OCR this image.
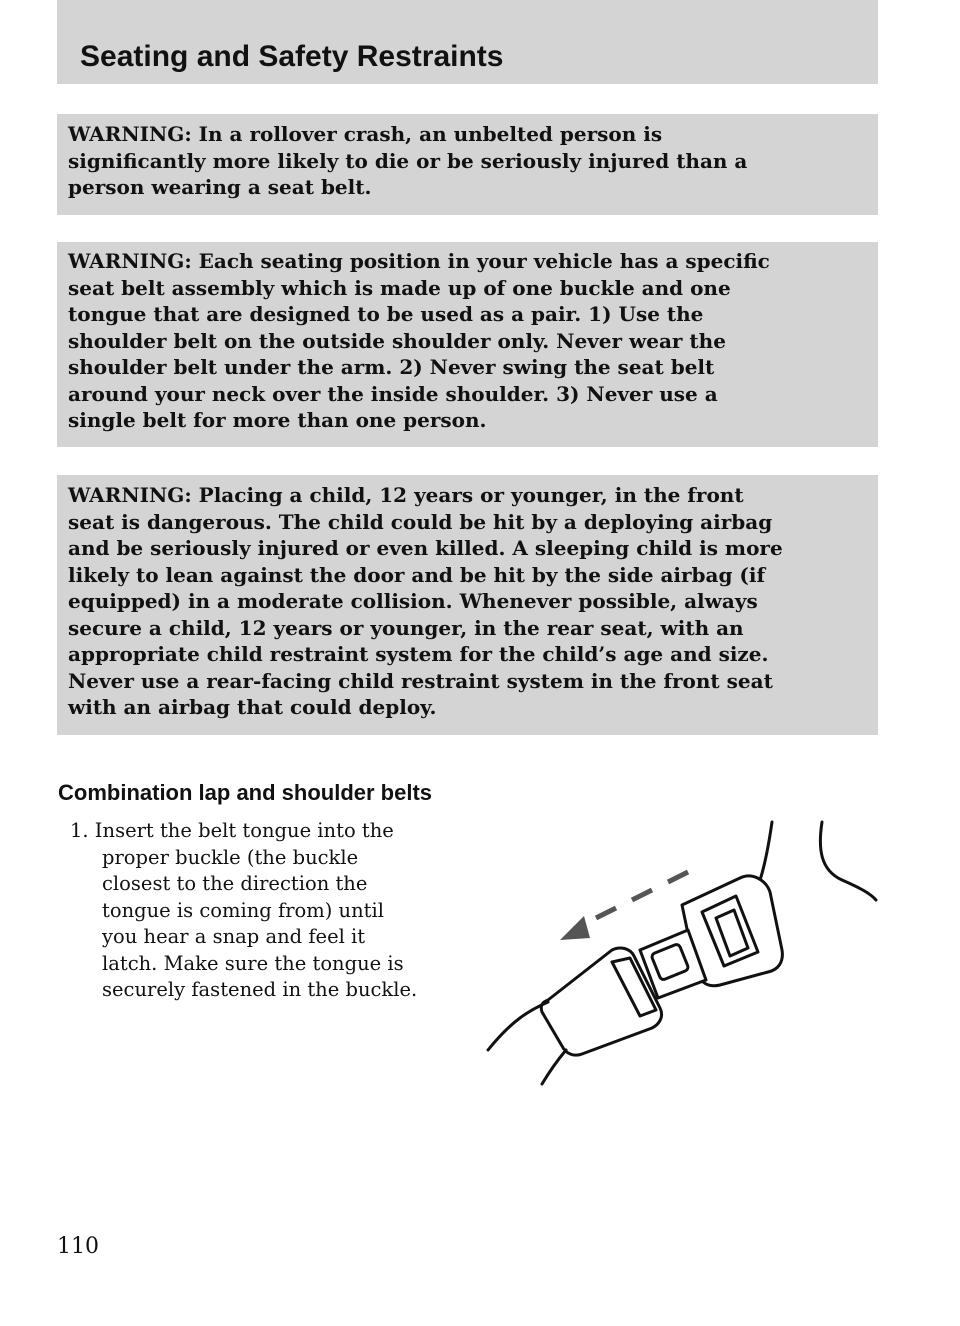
Seating and Safety Restraints
WARNING: In a rollover crash, an unbelted person is
significantly more likely to die or be seriously injured than a
person wearing a seat belt.
WARNING: Each seating position in your vehicle has a specific
seat belt assembly which is made up of one buckle and one
tongue that are designed to be used as a pair. 1) Use the
shoulder belt on the outside shoulder only. Never wear the
shoulder belt under the arm. 2) Never swing the seat belt
around your neck over the inside shoulder. 3) Never use a
single belt for more than one person.
WARNING: Placing a child, 12 years or younger, in the front
seat is dangerous. The child could be hit by a deploying airbag
and be seriously injured or even killed. A sleeping child is more
likely to lean against the door and be hit by the side airbag (if
equipped) in a moderate collision. Whenever possible, always
secure a child, 12 years or younger, in the rear seat, with an
appropriate child restraint system for the child’s age and size.
Never use a rear-facing child restraint system in the front seat
with an airbag that could deploy.
Combination lap and shoulder belts
1. Insert the belt tongue into the
proper buckle (the buckle
closest to the direction the
tongue is coming from) until
you hear a snap and feel it
latch. Make sure the tongue is
securely fastened in the buckle.
110
